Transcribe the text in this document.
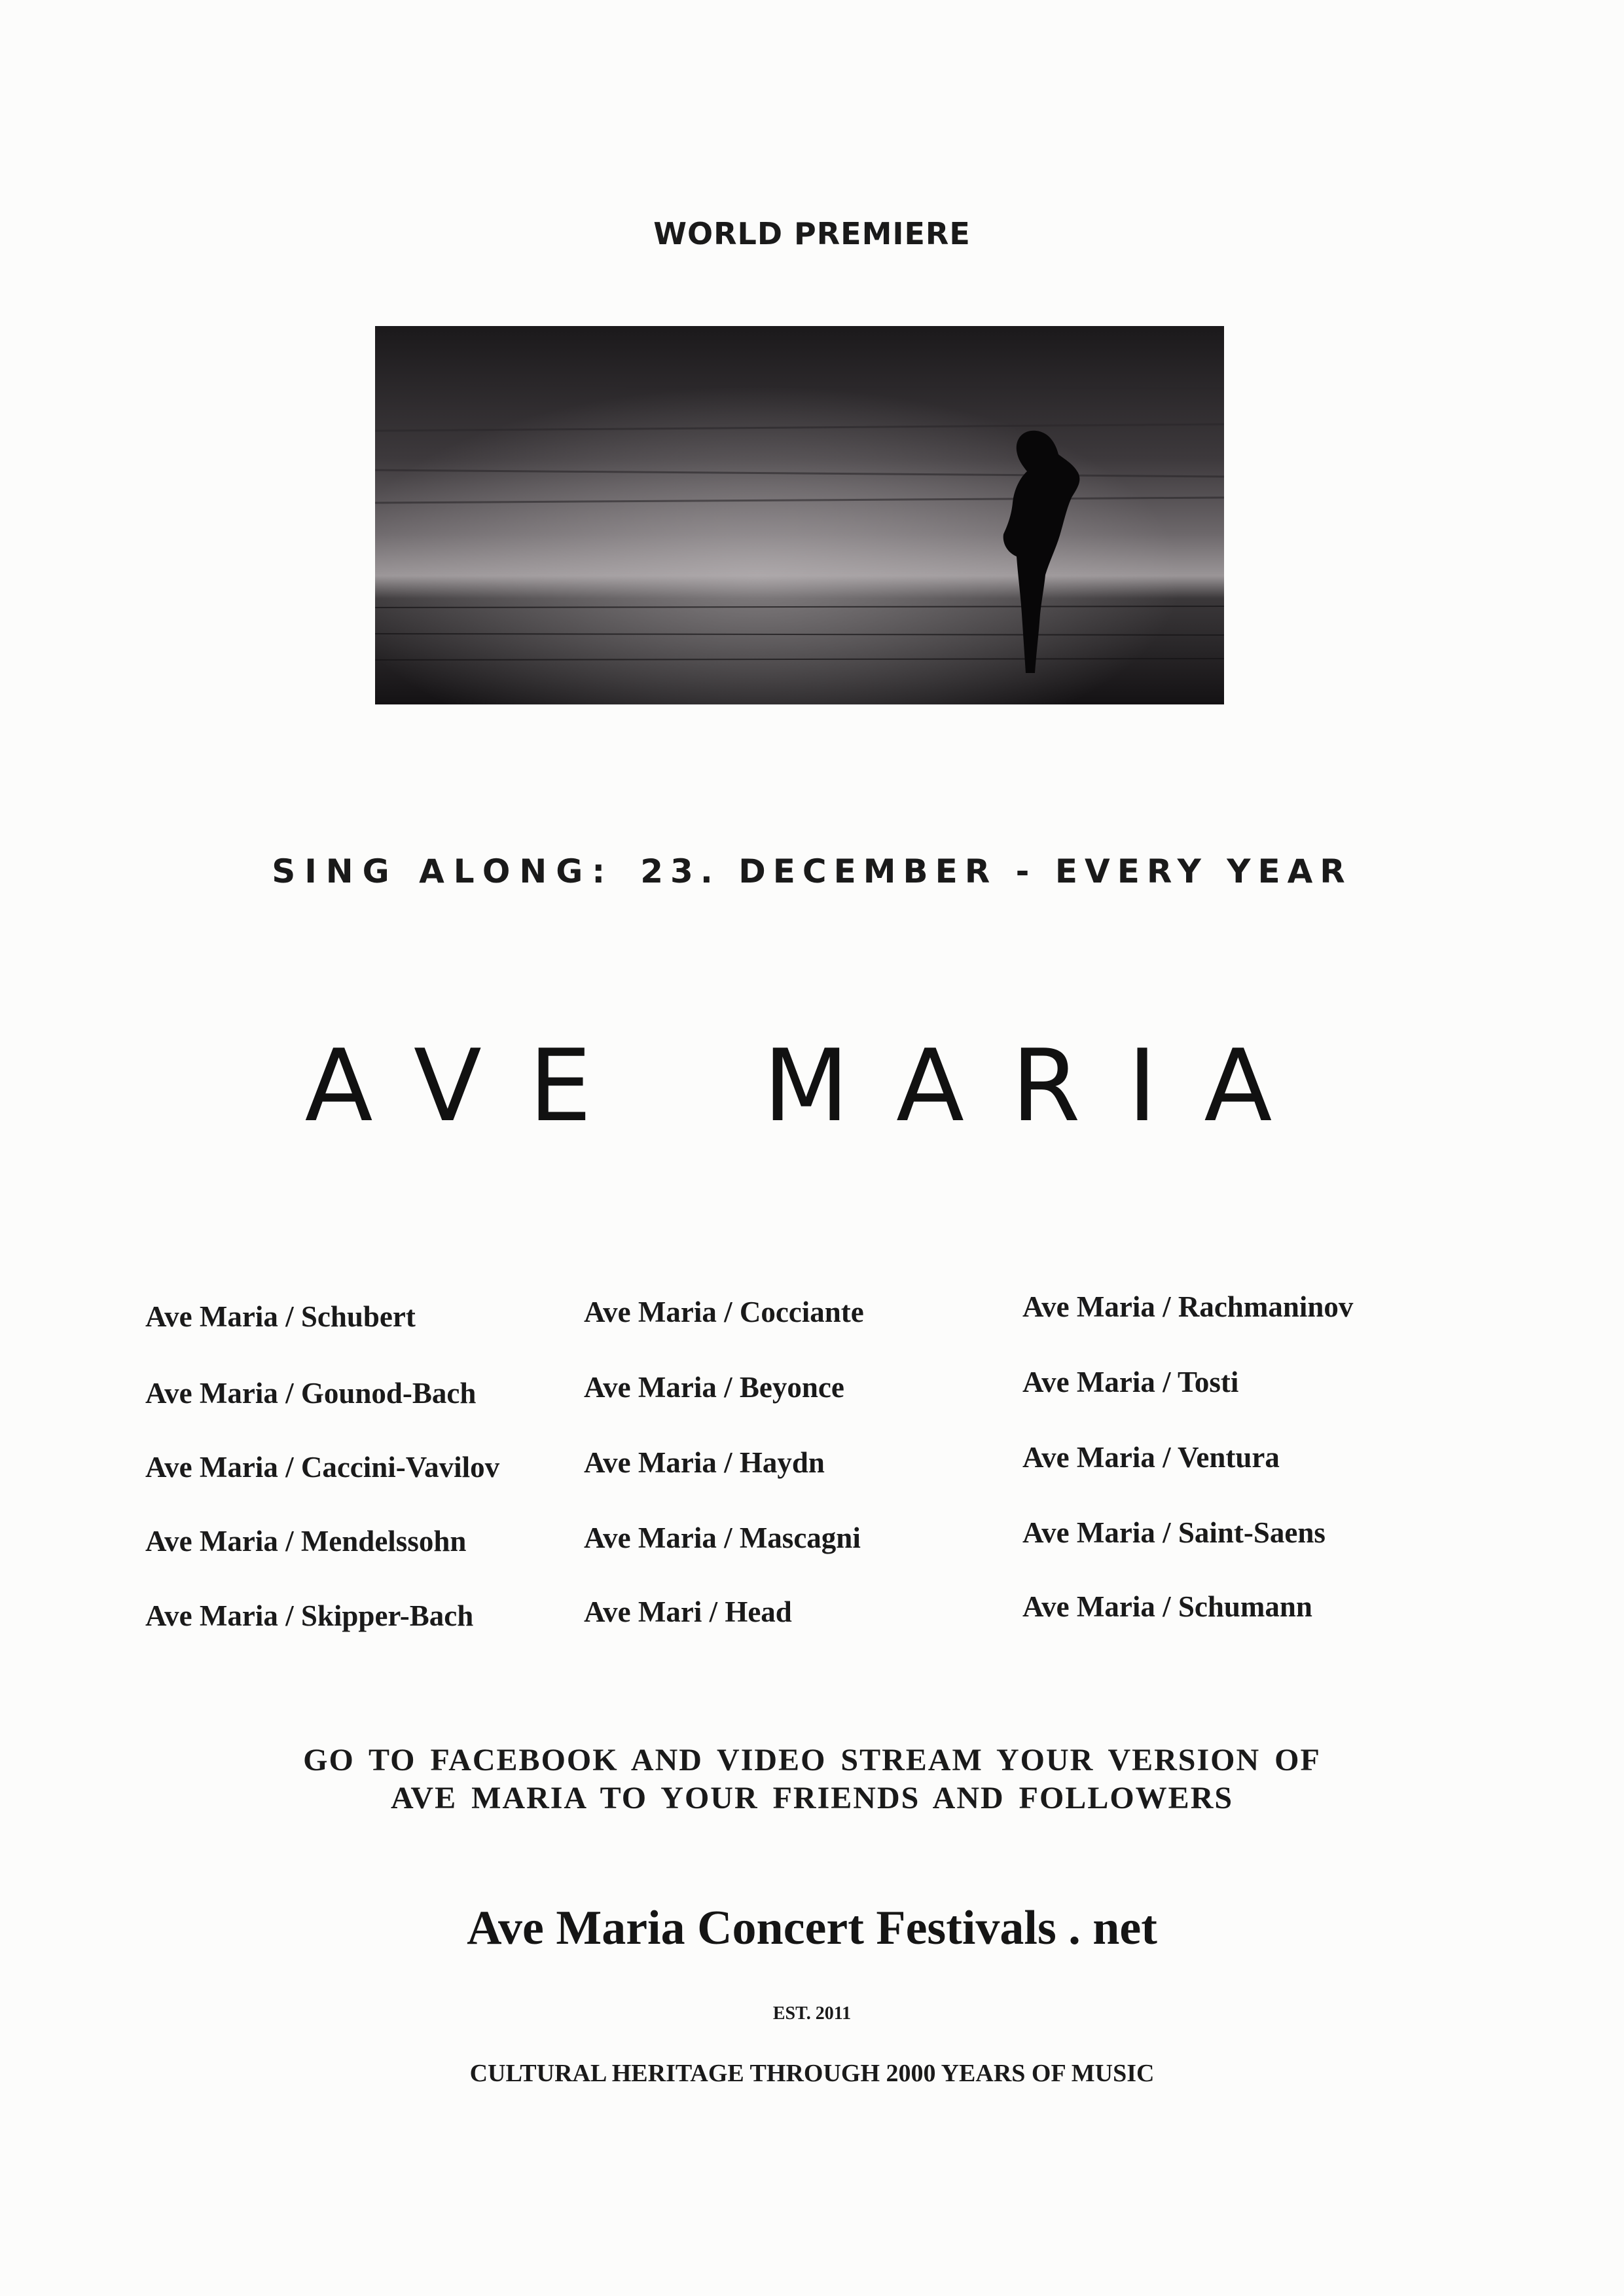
WORLD PREMIERE
SING ALONG: 23. DECEMBER - EVERY YEAR
AVE MARIA
Ave Maria / Schubert
Ave Maria / Gounod-Bach
Ave Maria / Caccini-Vavilov
Ave Maria / Mendelssohn
Ave Maria / Skipper-Bach
Ave Maria / Cocciante
Ave Maria / Beyonce
Ave Maria / Haydn
Ave Maria / Mascagni
Ave Mari / Head
Ave Maria / Rachmaninov
Ave Maria / Tosti
Ave Maria / Ventura
Ave Maria / Saint-Saens
Ave Maria / Schumann
GO TO FACEBOOK AND VIDEO STREAM YOUR VERSION OF
AVE MARIA TO YOUR FRIENDS AND FOLLOWERS
Ave Maria Concert Festivals . net
EST. 2011
CULTURAL HERITAGE THROUGH 2000 YEARS OF MUSIC
